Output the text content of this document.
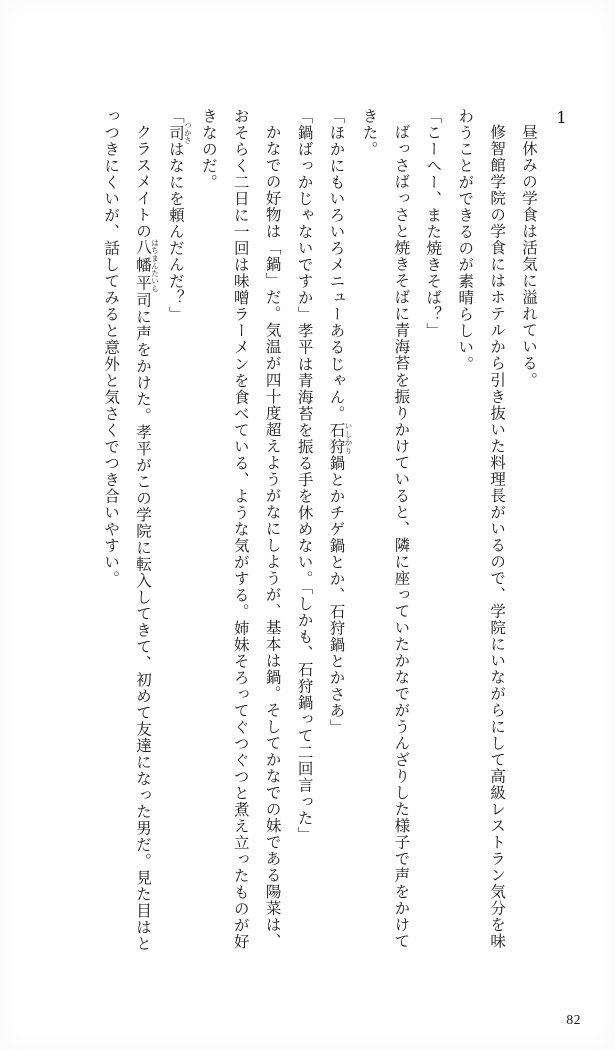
1
昼休みの学食は活気に溢れている。
修智館学院の学食にはホテルから引き抜いた料理長がいるので、学院にいながらにして高級レストラン気分を味わうことができるのが素晴らしい。
「こーへー、また焼きそば？」
ばっさばっさと焼きそばに青海苔を振りかけていると、隣に座っていたかなでがうんざりした様子で声をかけてきた。
「ほかにもいろいろメニューあるじゃん。石狩いしかり鍋とかチゲ鍋とか、石狩鍋とかさあ」
「鍋ばっかじゃないですか」孝平は青海苔を振る手を休めない。「しかも、石狩鍋って二回言った」
かなでの好物は「鍋」だ。気温が四十度超えようがなにしようが、基本は鍋。そしてかなでの妹である陽菜は、おそらく二日に一回は味噌ラーメンを食べている、ような気がする。姉妹そろってぐつぐつと煮え立ったものが好きなのだ。
「司つかさはなにを頼んだんだ？」
クラスメイトの八幡平はちまんたいら司に声をかけた。孝平がこの学院に転入してきて、初めて友達になった男だ。見た目はとっつきにくいが、話してみると意外と気さくでつき合いやすい。
82
